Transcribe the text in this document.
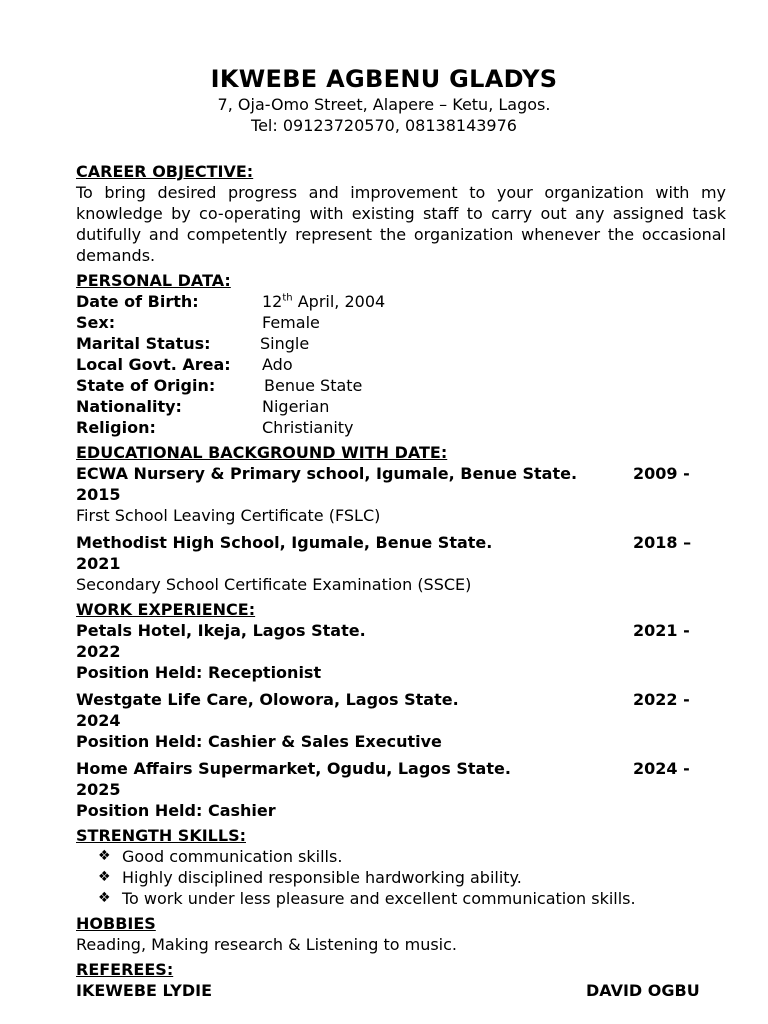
IKWEBE AGBENU GLADYS
7, Oja-Omo Street, Alapere – Ketu, Lagos.
Tel: 09123720570, 08138143976
CAREER OBJECTIVE:
To bring desired progress and improvement to your organization with my knowledge by co-operating with existing staff to carry out any assigned task dutifully and competently represent the organization whenever the occasional demands.
PERSONAL DATA:
Date of Birth:	12th April, 2004
Sex:	Female
Marital Status:	Single
Local Govt. Area:	Ado
State of Origin:	Benue State
Nationality:	Nigerian
Religion:	Christianity
EDUCATIONAL BACKGROUND WITH DATE:
ECWA Nursery & Primary school, Igumale, Benue State.	2009 -
2015
First School Leaving Certificate (FSLC)
Methodist High School, Igumale, Benue State.	2018 –
2021
Secondary School Certificate Examination (SSCE)
WORK EXPERIENCE:
Petals Hotel, Ikeja, Lagos State.	2021 -
2022
Position Held: Receptionist
Westgate Life Care, Olowora, Lagos State.	2022 -
2024
Position Held: Cashier & Sales Executive
Home Affairs Supermarket, Ogudu, Lagos State.	2024 -
2025
Position Held: Cashier
STRENGTH SKILLS:
❖ Good communication skills.
❖ Highly disciplined responsible hardworking ability.
❖ To work under less pleasure and excellent communication skills.
HOBBIES
Reading, Making research & Listening to music.
REFEREES:
IKEWEBE LYDIE	DAVID OGBU
